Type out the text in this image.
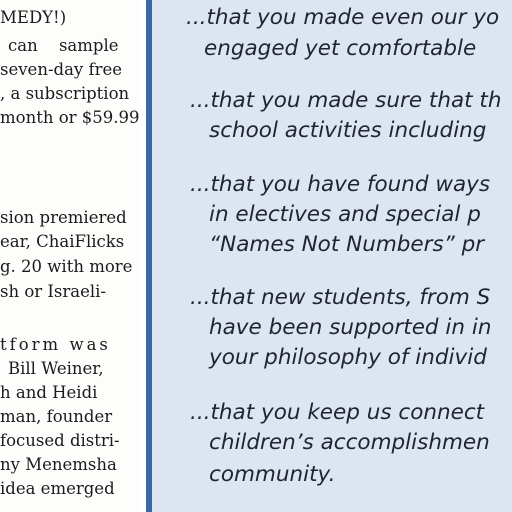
MEDY!)
can sample
seven-day free
, a subscription
month or $59.99
sion premiered
ear, ChaiFlicks
g. 20 with more
sh or Israeli-
tform was
Bill Weiner,
h and Heidi
man, founder
focused distri-
ny Menemsha
idea emerged
...that you made even our yo
engaged yet comfortable
...that you made sure that th
school activities including
...that you have found ways
in electives and special p
“Names Not Numbers” pr
...that new students, from S
have been supported in in
your philosophy of individ
...that you keep us connect
children’s accomplishmen
community.
